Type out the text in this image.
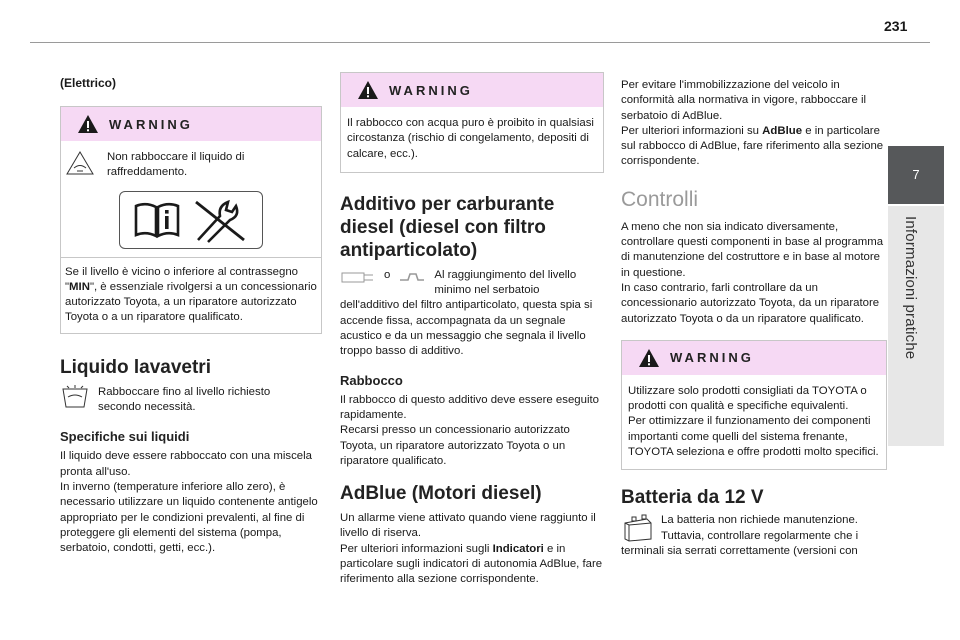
231
7
Informazioni pratiche
(Elettrico)
WARNING
Non rabboccare il liquido di raffreddamento.
Se il livello è vicino o inferiore al contrassegno "MIN", è essenziale rivolgersi a un concessionario autorizzato Toyota, a un riparatore autorizzato Toyota o a un riparatore qualificato.
Liquido lavavetri
Rabboccare fino al livello richiesto secondo necessità.
Specifiche sui liquidi
Il liquido deve essere rabboccato con una miscela pronta all'uso.
In inverno (temperature inferiore allo zero), è necessario utilizzare un liquido contenente antigelo appropriato per le condizioni prevalenti, al fine di proteggere gli elementi del sistema (pompa, serbatoio, condotti, getti, ecc.).
WARNING
Il rabbocco con acqua puro è proibito in qualsiasi circostanza (rischio di congelamento, depositi di calcare, ecc.).
Additivo per carburante diesel (diesel con filtro antiparticolato)
o	Al raggiungimento del livello minimo nel serbatoio
dell'additivo del filtro antiparticolato, questa spia si accende fissa, accompagnata da un segnale acustico e da un messaggio che segnala il livello troppo basso di additivo.
Rabbocco
Il rabbocco di questo additivo deve essere eseguito rapidamente.
Recarsi presso un concessionario autorizzato Toyota, un riparatore autorizzato Toyota o un riparatore qualificato.
AdBlue (Motori diesel)
Un allarme viene attivato quando viene raggiunto il livello di riserva.
Per ulteriori informazioni sugli Indicatori e in particolare sugli indicatori di autonomia AdBlue, fare riferimento alla sezione corrispondente.
Per evitare l'immobilizzazione del veicolo in conformità alla normativa in vigore, rabboccare il serbatoio di AdBlue.
Per ulteriori informazioni su AdBlue e in particolare sul rabbocco di AdBlue, fare riferimento alla sezione corrispondente.
Controlli
A meno che non sia indicato diversamente, controllare questi componenti in base al programma di manutenzione del costruttore e in base al motore in questione.
In caso contrario, farli controllare da un concessionario autorizzato Toyota, da un riparatore autorizzato Toyota o da un riparatore qualificato.
WARNING
Utilizzare solo prodotti consigliati da TOYOTA o prodotti con qualità e specifiche equivalenti.
Per ottimizzare il funzionamento dei componenti importanti come quelli del sistema frenante, TOYOTA seleziona e offre prodotti molto specifici.
Batteria da 12 V
La batteria non richiede manutenzione. Tuttavia, controllare regolarmente che i
terminali sia serrati correttamente (versioni con
